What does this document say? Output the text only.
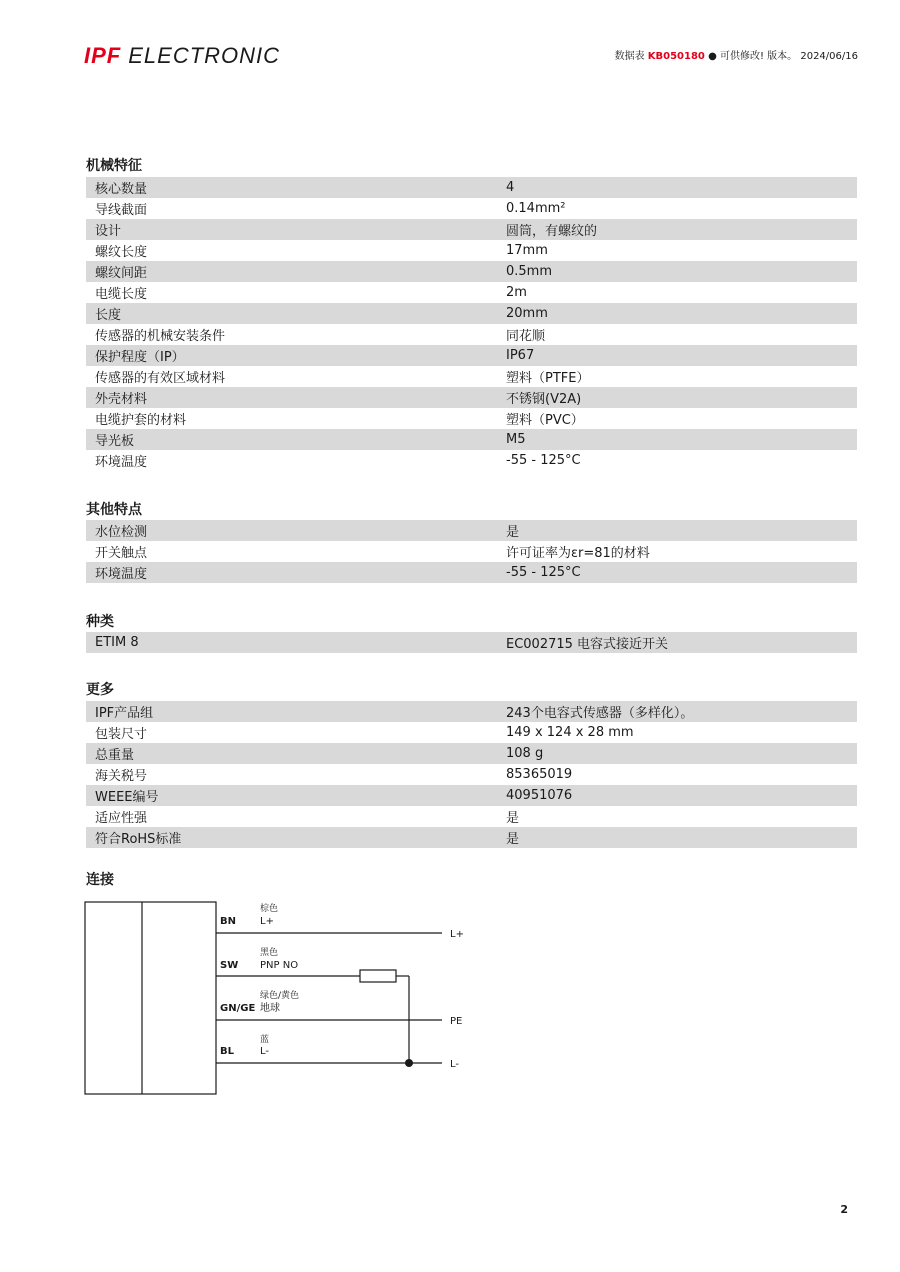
IPF ELECTRONIC	数据表 KB050180 ● 可供修改! 版本。 2024/06/16
机械特征
核心数量	4
导线截面	0.14mm²
设计	圆筒，有螺纹的
螺纹长度	17mm
螺纹间距	0.5mm
电缆长度	2m
长度	20mm
传感器的机械安装条件	同花顺
保护程度（IP）	IP67
传感器的有效区域材料	塑料（PTFE）
外壳材料	不锈钢(V2A)
电缆护套的材料	塑料（PVC）
导光板	M5
环境温度	-55 - 125°C
其他特点
水位检测	是
开关触点	许可证率为εr=81的材料
环境温度	-55 - 125°C
种类
ETIM 8	EC002715 电容式接近开关
更多
IPF产品组	243个电容式传感器（多样化）。
包装尺寸	149 x 124 x 28 mm
总重量	108 g
海关税号	85365019
WEEE编号	40951076
适应性强	是
符合RoHS标准	是
连接
BN
SW
GN/GE
BL
棕色
黑色
绿色/黄色
蓝
L+
PNP NO
地球
L-
L+
PE
L-
2
